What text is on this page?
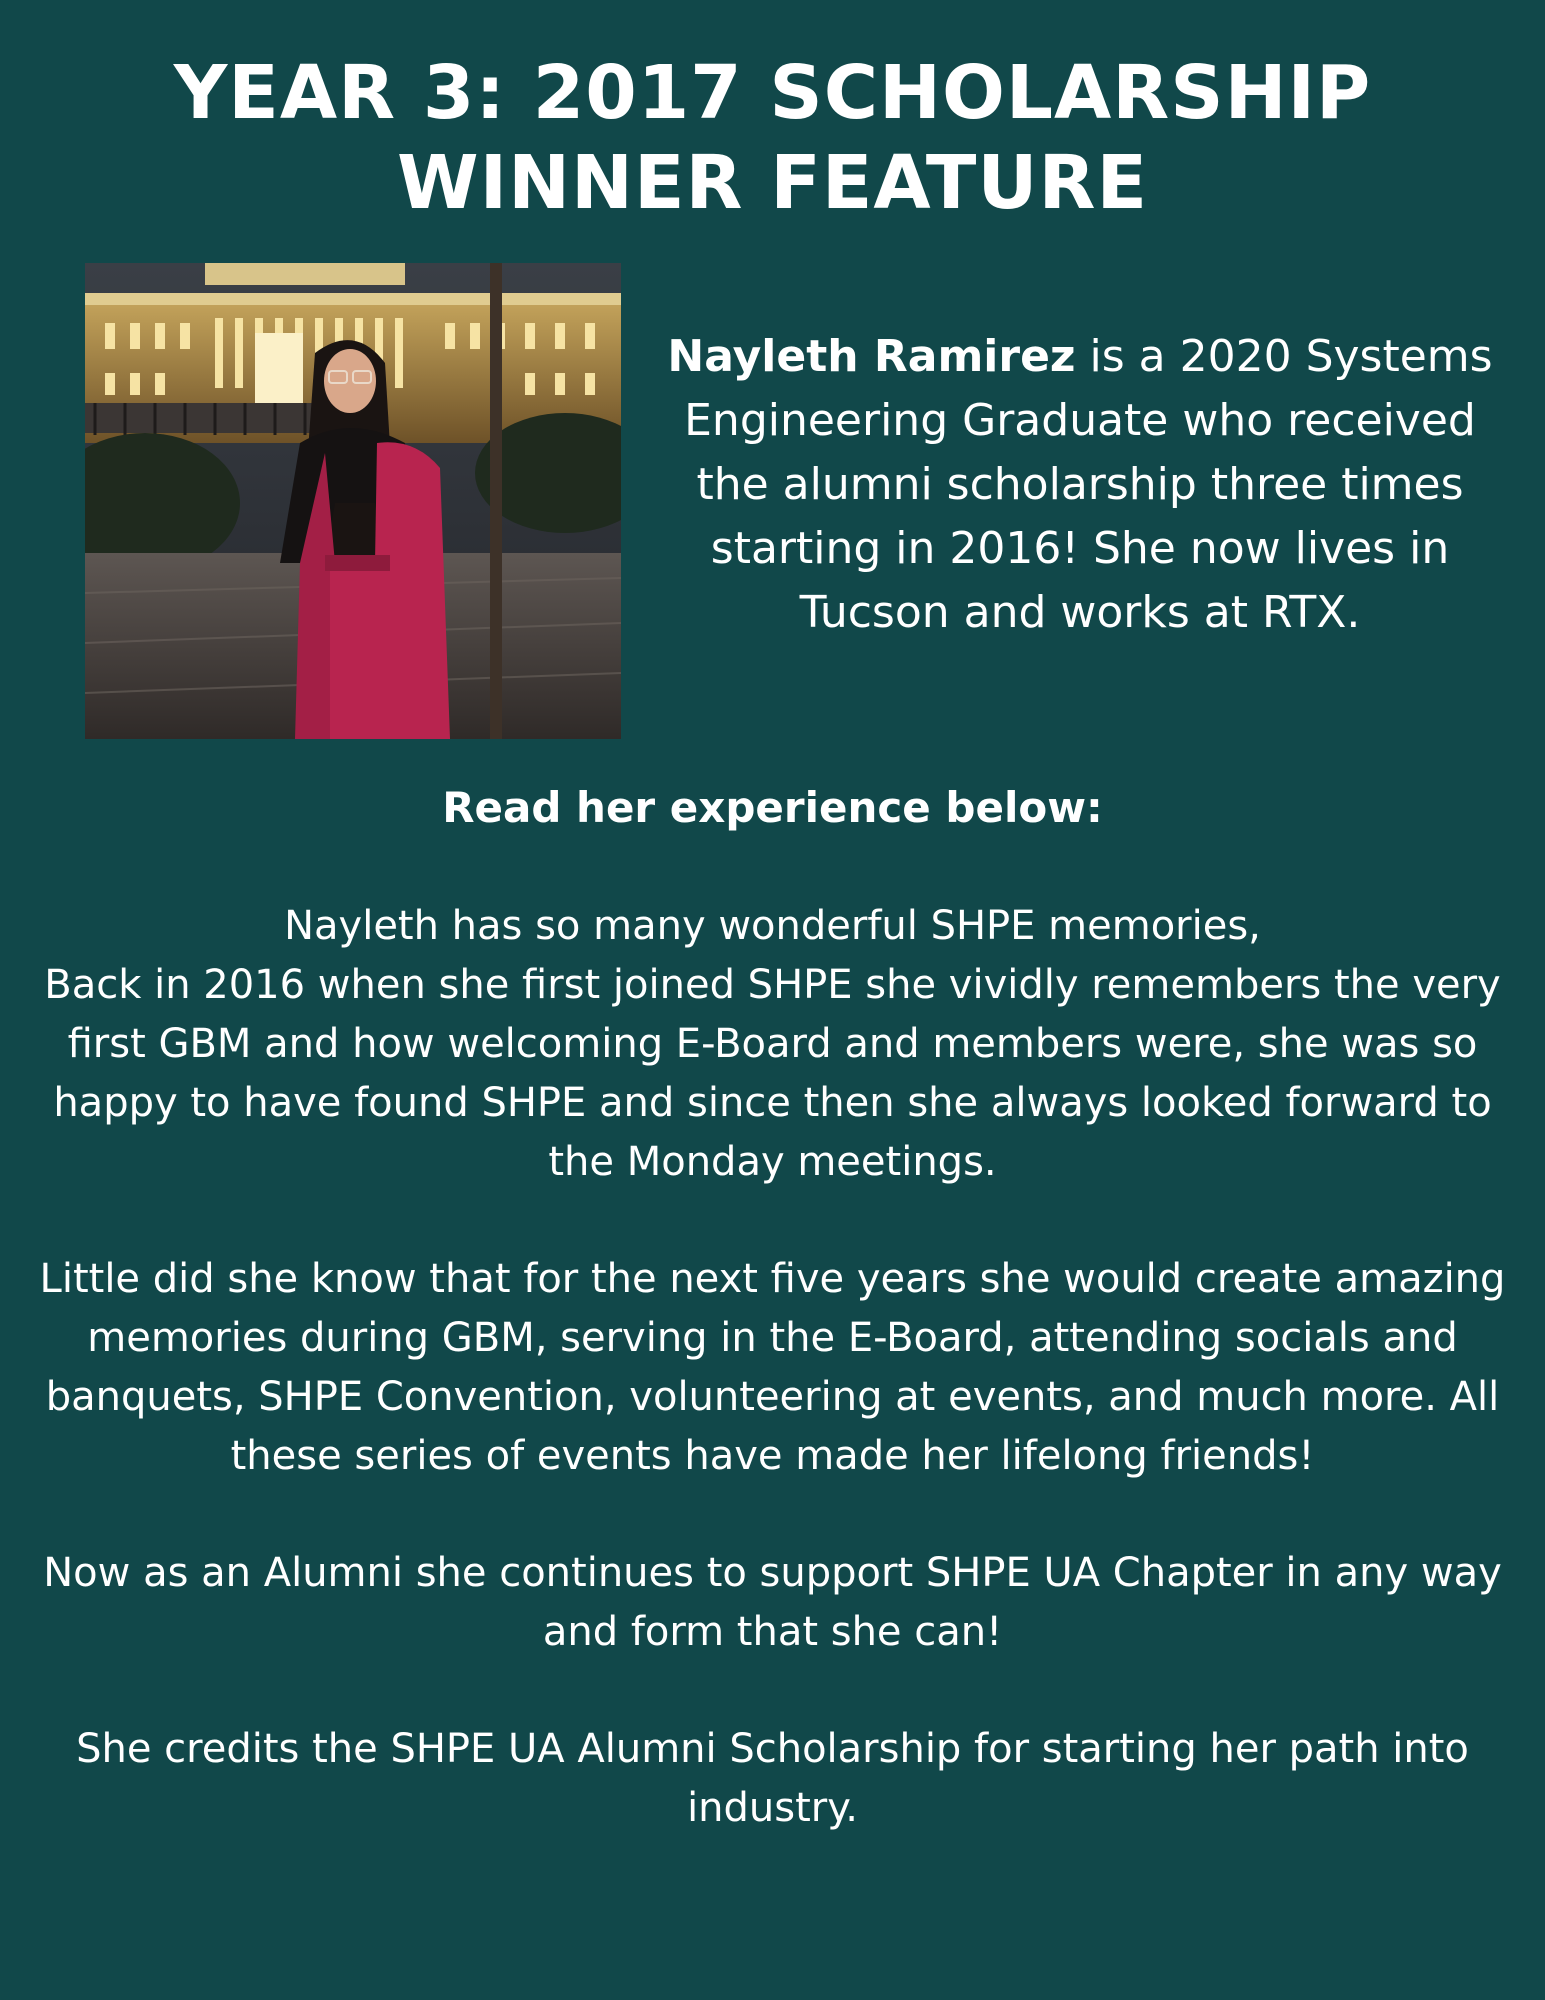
YEAR 3: 2017 SCHOLARSHIP
WINNER FEATURE

Nayleth Ramirez is a 2020 Systems Engineering Graduate who received the alumni scholarship three times starting in 2016! She now lives in Tucson and works at RTX.

Read her experience below:

Nayleth has so many wonderful SHPE memories,
Back in 2016 when she first joined SHPE she vividly remembers the very first GBM and how welcoming E-Board and members were, she was so happy to have found SHPE and since then she always looked forward to the Monday meetings.

Little did she know that for the next five years she would create amazing memories during GBM, serving in the E-Board, attending socials and banquets, SHPE Convention, volunteering at events, and much more. All these series of events have made her lifelong friends!

Now as an Alumni she continues to support SHPE UA Chapter in any way and form that she can!

She credits the SHPE UA Alumni Scholarship for starting her path into industry.
